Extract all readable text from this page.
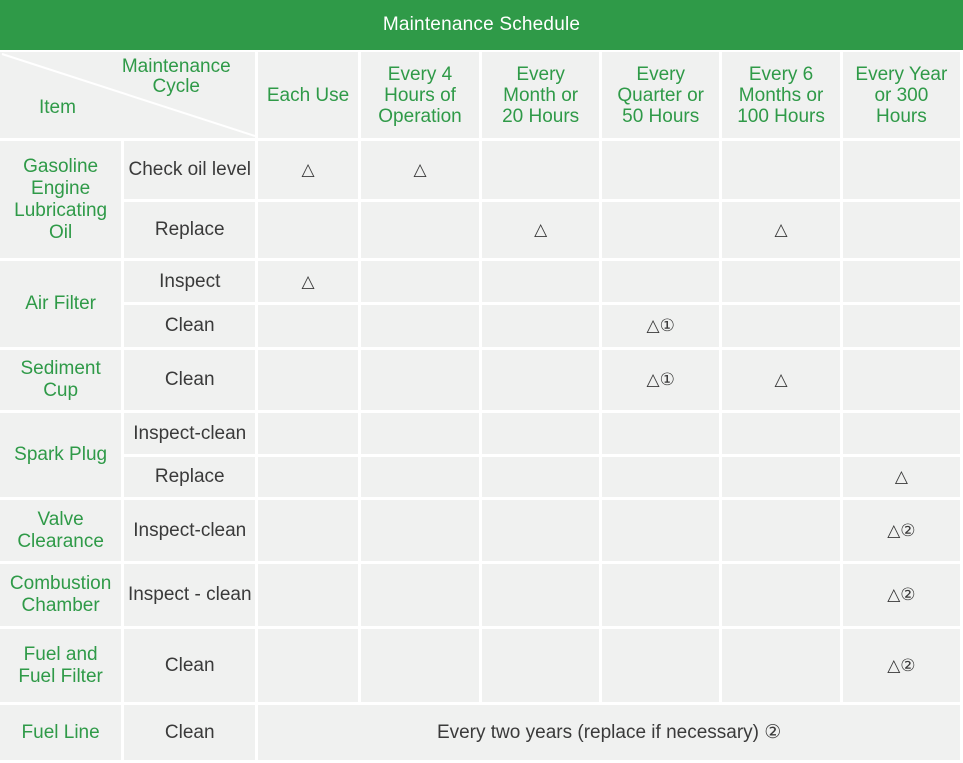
Maintenance Schedule
Maintenance Cycle
Item		Each Use	Every 4 Hours of Operation	Every Month or 20 Hours	Every Quarter or 50 Hours	Every 6 Months or 100 Hours	Every Year or 300 Hours
Gasoline Engine Lubricating Oil	Check oil level	△	△				
	Replace			△		△	
Air Filter	Inspect	△					
	Clean				△①		
Sediment Cup	Clean				△①	△	
Spark Plug	Inspect-clean						
	Replace						△
Valve Clearance	Inspect-clean						△②
Combustion Chamber	Inspect - clean						△②
Fuel and Fuel Filter	Clean						△②
Fuel Line	Clean	Every two years (replace if necessary) ②					
